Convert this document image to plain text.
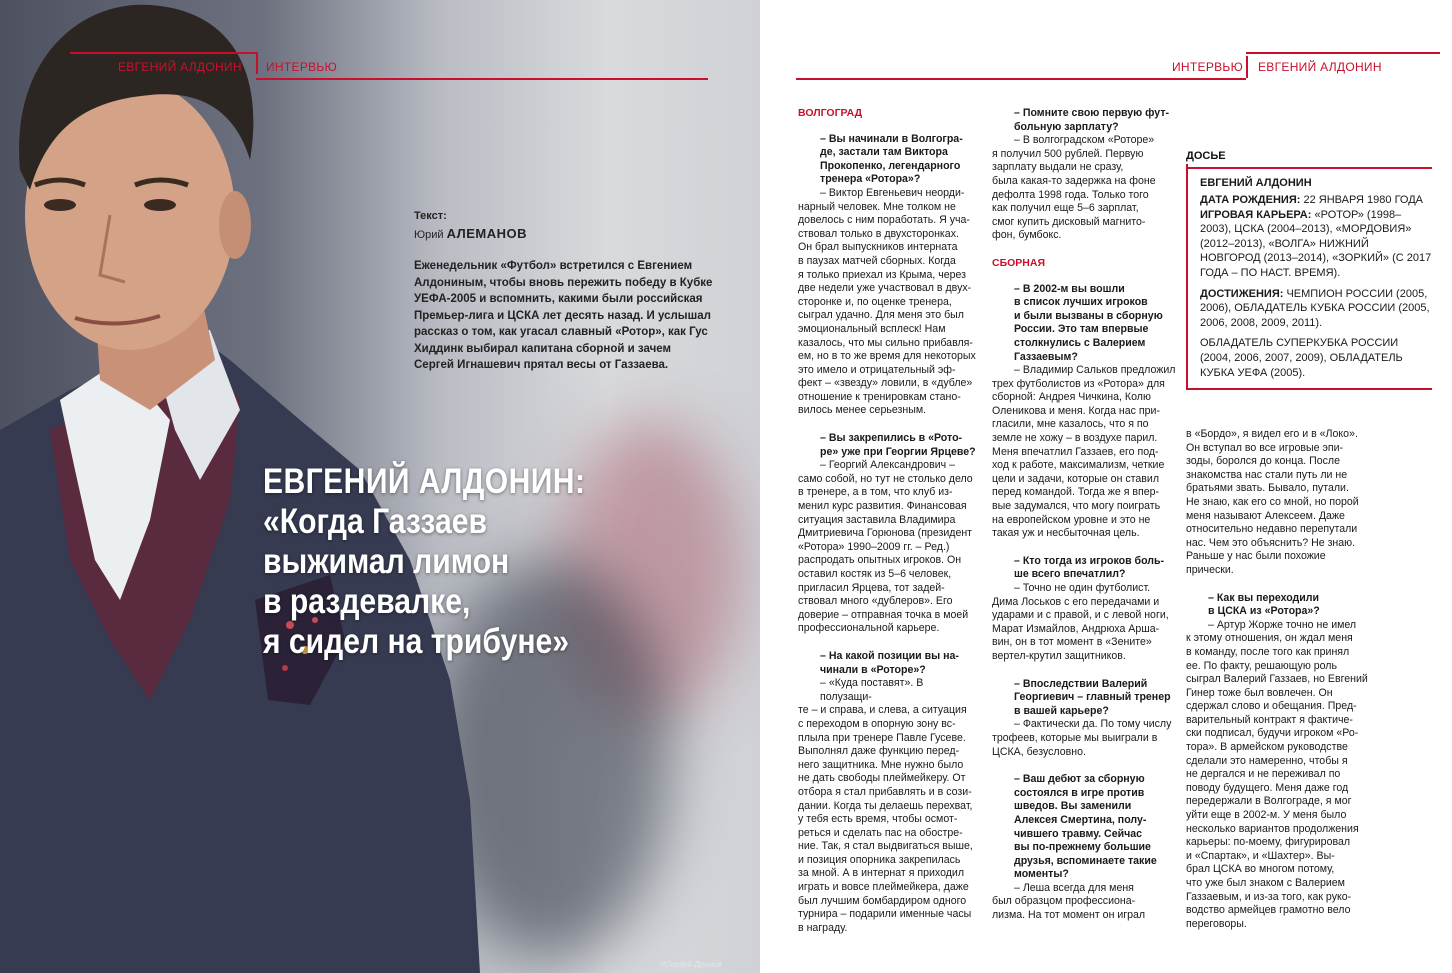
ЕВГЕНИЙ АЛДОНИН ИНТЕРВЬЮ
Текст:
Юрий АЛЕМАНОВ
Еженедельник «Футбол» встретился с Евгением Алдониным, чтобы вновь пережить победу в Кубке УЕФА-2005 и вспомнить, какими были российская Премьер-лига и ЦСКА лет десять назад. И услышал рассказ о том, как угасал славный «Ротор», как Гус Хиддинк выбирал капитана сборной и зачем Сергей Игнашевич прятал весы от Газзаева.
ЕВГЕНИЙ АЛДОНИН:
«Когда Газзаев
выжимал лимон
в раздевалке,
я сидел на трибуне»
//Сергей Дронов
ИНТЕРВЬЮ ЕВГЕНИЙ АЛДОНИН
ВОЛГОГРАД
– Вы начинали в Волгогра-
де, застали там Виктора
Прокопенко, легендарного
тренера «Ротора»?
– Виктор Евгеньевич неорди-
нарный человек. Мне толком не
довелось с ним поработать. Я уча-
ствовал только в двухсторонках.
Он брал выпускников интерната
в паузах матчей сборных. Когда
я только приехал из Крыма, через
две недели уже участвовал в двух-
сторонке и, по оценке тренера,
сыграл удачно. Для меня это был
эмоциональный всплеск! Нам
казалось, что мы сильно прибавля-
ем, но в то же время для некоторых
это имело и отрицательный эф-
фект – «звезду» ловили, в «дубле»
отношение к тренировкам стано-
вилось менее серьезным.
– Вы закрепились в «Рото-
ре» уже при Георгии Ярцеве?
– Георгий Александрович –
само собой, но тут не столько дело
в тренере, а в том, что клуб из-
менил курс развития. Финансовая
ситуация заставила Владимира
Дмитриевича Горюнова (президент
«Ротора» 1990–2009 гг. – Ред.)
распродать опытных игроков. Он
оставил костяк из 5–6 человек,
пригласил Ярцева, тот задей-
ствовал много «дублеров». Его
доверие – отправная точка в моей
профессиональной карьере.
– На какой позиции вы на-
чинали в «Роторе»?
– «Куда поставят». В полузащи-
те – и справа, и слева, а ситуация
с переходом в опорную зону вс-
плыла при тренере Павле Гусеве.
Выполнял даже функцию перед-
него защитника. Мне нужно было
не дать свободы плеймейкеру. От
отбора я стал прибавлять и в сози-
дании. Когда ты делаешь перехват,
у тебя есть время, чтобы осмот-
реться и сделать пас на обостре-
ние. Так, я стал выдвигаться выше,
и позиция опорника закрепилась
за мной. А в интернат я приходил
играть и вовсе плеймейкера, даже
был лучшим бомбардиром одного
турнира – подарили именные часы
в награду.
– Помните свою первую фут-
больную зарплату?
– В волгоградском «Роторе»
я получил 500 рублей. Первую
зарплату выдали не сразу,
была какая-то задержка на фоне
дефолта 1998 года. Только того
как получил еще 5–6 зарплат,
смог купить дисковый магнито-
фон, бумбокс.
СБОРНАЯ
– В 2002-м вы вошли
в список лучших игроков
и были вызваны в сборную
России. Это там впервые
столкнулись с Валерием
Газзаевым?
– Владимир Сальков предложил
трех футболистов из «Ротора» для
сборной: Андрея Чичкина, Колю
Оленикова и меня. Когда нас при-
гласили, мне казалось, что я по
земле не хожу – в воздухе парил.
Меня впечатлил Газзаев, его под-
ход к работе, максимализм, четкие
цели и задачи, которые он ставил
перед командой. Тогда же я впер-
вые задумался, что могу поиграть
на европейском уровне и это не
такая уж и несбыточная цель.
– Кто тогда из игроков боль-
ше всего впечатлил?
– Точно не один футболист.
Дима Лоськов с его передачами и
ударами и с правой, и с левой ноги,
Марат Измайлов, Андрюха Арша-
вин, он в тот момент в «Зените»
вертел-крутил защитников.
– Впоследствии Валерий
Георгиевич – главный тренер
в вашей карьере?
– Фактически да. По тому числу
трофеев, которые мы выиграли в
ЦСКА, безусловно.
– Ваш дебют за сборную
состоялся в игре против
шведов. Вы заменили
Алексея Смертина, полу-
чившего травму. Сейчас
вы по-прежнему большие
друзья, вспоминаете такие
моменты?
– Леша всегда для меня
был образцом профессиона-
лизма. На тот момент он играл
в «Бордо», я видел его и в «Локо».
Он вступал во все игровые эпи-
зоды, боролся до конца. После
знакомства нас стали путь ли не
братьями звать. Бывало, путали.
Не знаю, как его со мной, но порой
меня называют Алексеем. Даже
относительно недавно перепутали
нас. Чем это объяснить? Не знаю.
Раньше у нас были похожие
прически.
– Как вы переходили
в ЦСКА из «Ротора»?
– Артур Жорже точно не имел
к этому отношения, он ждал меня
в команду, после того как принял
ее. По факту, решающую роль
сыграл Валерий Газзаев, но Евгений
Гинер тоже был вовлечен. Он
сдержал слово и обещания. Пред-
варительный контракт я фактиче-
ски подписал, будучи игроком «Ро-
тора». В армейском руководстве
сделали это намеренно, чтобы я
не дергался и не переживал по
поводу будущего. Меня даже год
передержали в Волгограде, я мог
уйти еще в 2002-м. У меня было
несколько вариантов продолжения
карьеры: по-моему, фигурировал
и «Спартак», и «Шахтер». Вы-
брал ЦСКА во многом потому,
что уже был знаком с Валерием
Газзаевым, и из-за того, как руко-
водство армейцев грамотно вело
переговоры.
ДОСЬЕ
ЕВГЕНИЙ АЛДОНИН

ДАТА РОЖДЕНИЯ: 22 ЯНВАРЯ 1980 ГОДА

ИГРОВАЯ КАРЬЕРА: «РОТОР» (1998–2003), ЦСКА (2004–2013), «МОРДОВИЯ» (2012–2013), «ВОЛГА» НИЖНИЙ НОВГОРОД (2013–2014), «ЗОРКИЙ» (С 2017 ГОДА – ПО НАСТ. ВРЕМЯ).

ДОСТИЖЕНИЯ: ЧЕМПИОН РОССИИ (2005, 2006), ОБЛАДАТЕЛЬ КУБКА РОССИИ (2005, 2006, 2008, 2009, 2011).

ОБЛАДАТЕЛЬ СУПЕРКУБКА РОССИИ (2004, 2006, 2007, 2009), ОБЛАДАТЕЛЬ КУБКА УЕФА (2005).
